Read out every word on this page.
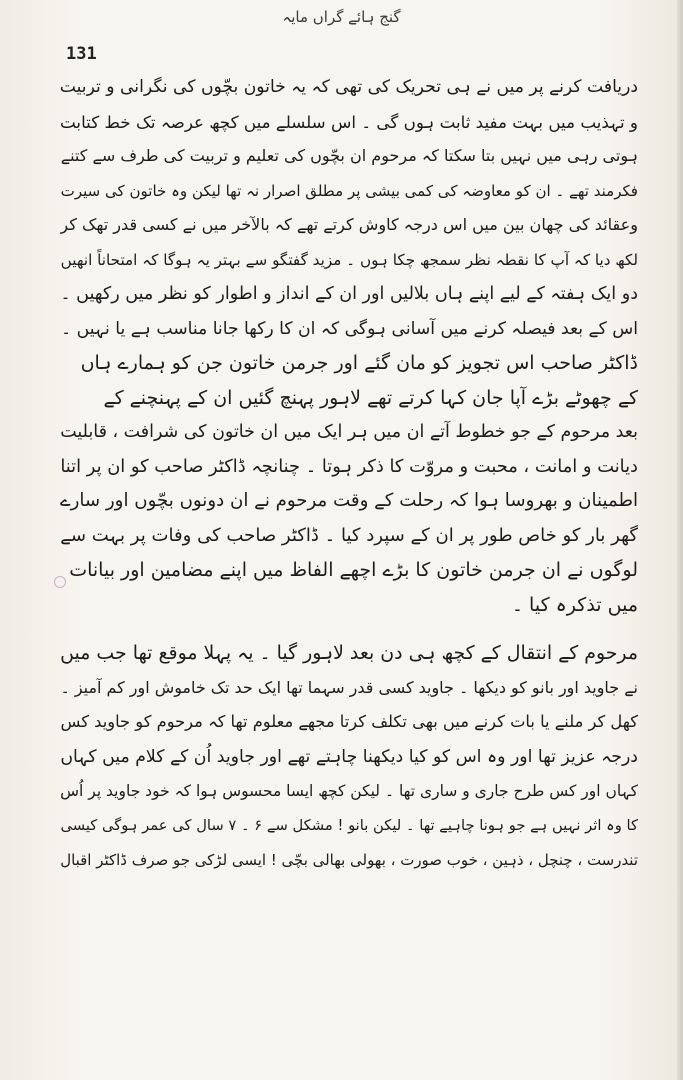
گنج ہائے گراں مایہ
131
دریافت کرنے پر میں نے ہی تحریک کی تھی کہ یہ خاتون بچّوں کی نگرانی و تربیت
و تہذیب میں بہت مفید ثابت ہوں گی ۔ اس سلسلے میں کچھ عرصہ تک خط کتابت
ہوتی رہی میں نہیں بتا سکتا کہ مرحوم ان بچّوں کی تعلیم و تربیت کی طرف سے کتنے
فکرمند تھے ۔ ان کو معاوضہ کی کمی بیشی پر مطلق اصرار نہ تھا لیکن وہ خاتون کی سیرت
وعقائد کی چھان بین میں اس درجہ کاوش کرتے تھے کہ بالآخر میں نے کسی قدر تھک کر
لکھ دیا کہ آپ کا نقطہ نظر سمجھ چکا ہوں ۔ مزید گفتگو سے بہتر یہ ہوگا کہ امتحاناً انھیں
دو ایک ہفتہ کے لیے اپنے ہاں بلالیں اور ان کے انداز و اطوار کو نظر میں رکھیں ۔
اس کے بعد فیصلہ کرنے میں آسانی ہوگی کہ ان کا رکھا جانا مناسب ہے یا نہیں ۔
ڈاکٹر صاحب اس تجویز کو مان گئے اور جرمن خاتون جن کو ہمارے ہاں
کے چھوٹے بڑے آپا جان کہا کرتے تھے لاہور پہنچ گئیں ان کے پہنچنے کے
بعد مرحوم کے جو خطوط آتے ان میں ہر ایک میں ان خاتون کی شرافت ، قابلیت
دیانت و امانت ، محبت و مروّت کا ذکر ہوتا ۔ چنانچہ ڈاکٹر صاحب کو ان پر اتنا
اطمینان و بھروسا ہوا کہ رحلت کے وقت مرحوم نے ان دونوں بچّوں اور سارے
گھر بار کو خاص طور پر ان کے سپرد کیا ۔ ڈاکٹر صاحب کی وفات پر بہت سے
لوگوں نے ان جرمن خاتون کا بڑے اچھے الفاظ میں اپنے مضامین اور بیانات
میں تذکرہ کیا ۔
مرحوم کے انتقال کے کچھ ہی دن بعد لاہور گیا ۔ یہ پہلا موقع تھا جب میں
نے جاوید اور بانو کو دیکھا ۔ جاوید کسی قدر سہما تھا ایک حد تک خاموش اور کم آمیز ۔
کھل کر ملنے یا بات کرنے میں بھی تکلف کرتا مجھے معلوم تھا کہ مرحوم کو جاوید کس
درجہ عزیز تھا اور وہ اس کو کیا دیکھنا چاہتے تھے اور جاوید اُن کے کلام میں کہاں
کہاں اور کس طرح جاری و ساری تھا ۔ لیکن کچھ ایسا محسوس ہوا کہ خود جاوید پر اُس
کا وہ اثر نہیں ہے جو ہونا چاہیے تھا ۔ لیکن بانو ! مشکل سے ۶ ۔ ۷ سال کی عمر ہوگی کیسی
تندرست ، چنچل ، ذہین ، خوب صورت ، بھولی بھالی بچّی ! ایسی لڑکی جو صرف ڈاکٹر اقبال
